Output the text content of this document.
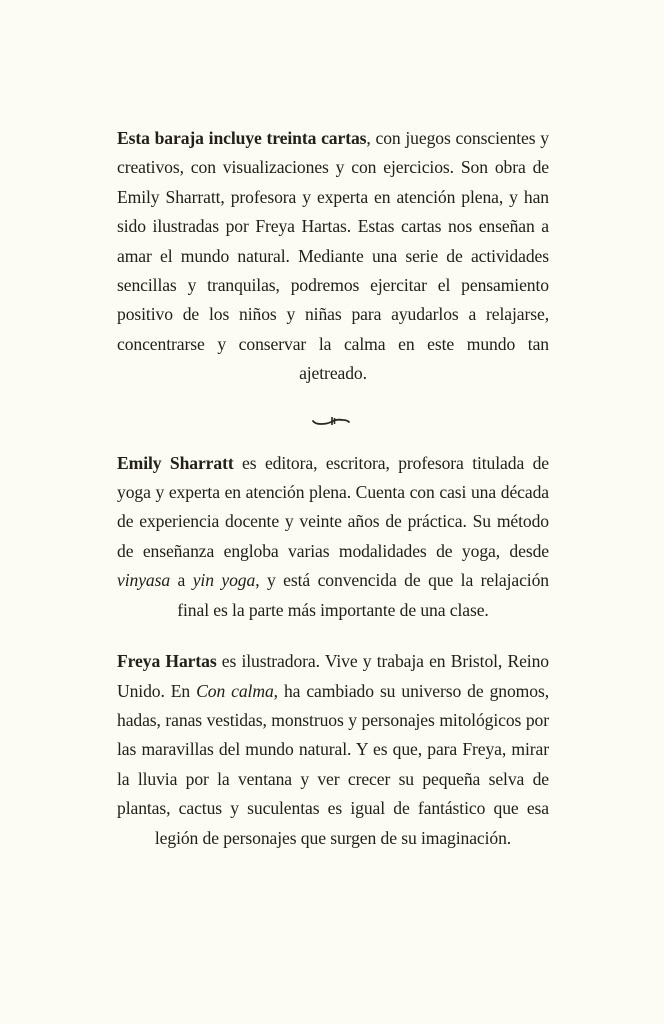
Esta baraja incluye treinta cartas, con juegos conscientes y creativos, con visualizaciones y con ejercicios. Son obra de Emily Sharratt, profesora y experta en atención plena, y han sido ilustradas por Freya Hartas. Estas cartas nos enseñan a amar el mundo natural. Mediante una serie de actividades sencillas y tranquilas, podremos ejercitar el pensamiento positivo de los niños y niñas para ayudarlos a relajarse, concentrarse y conservar la calma en este mundo tan ajetreado.

Emily Sharratt es editora, escritora, profesora titulada de yoga y experta en atención plena. Cuenta con casi una década de experiencia docente y veinte años de práctica. Su método de enseñanza engloba varias modalidades de yoga, desde vinyasa a yin yoga, y está convencida de que la relajación final es la parte más importante de una clase.

Freya Hartas es ilustradora. Vive y trabaja en Bristol, Reino Unido. En Con calma, ha cambiado su universo de gnomos, hadas, ranas vestidas, monstruos y personajes mitológicos por las maravillas del mundo natural. Y es que, para Freya, mirar la lluvia por la ventana y ver crecer su pequeña selva de plantas, cactus y suculentas es igual de fantástico que esa legión de personajes que surgen de su imaginación.
